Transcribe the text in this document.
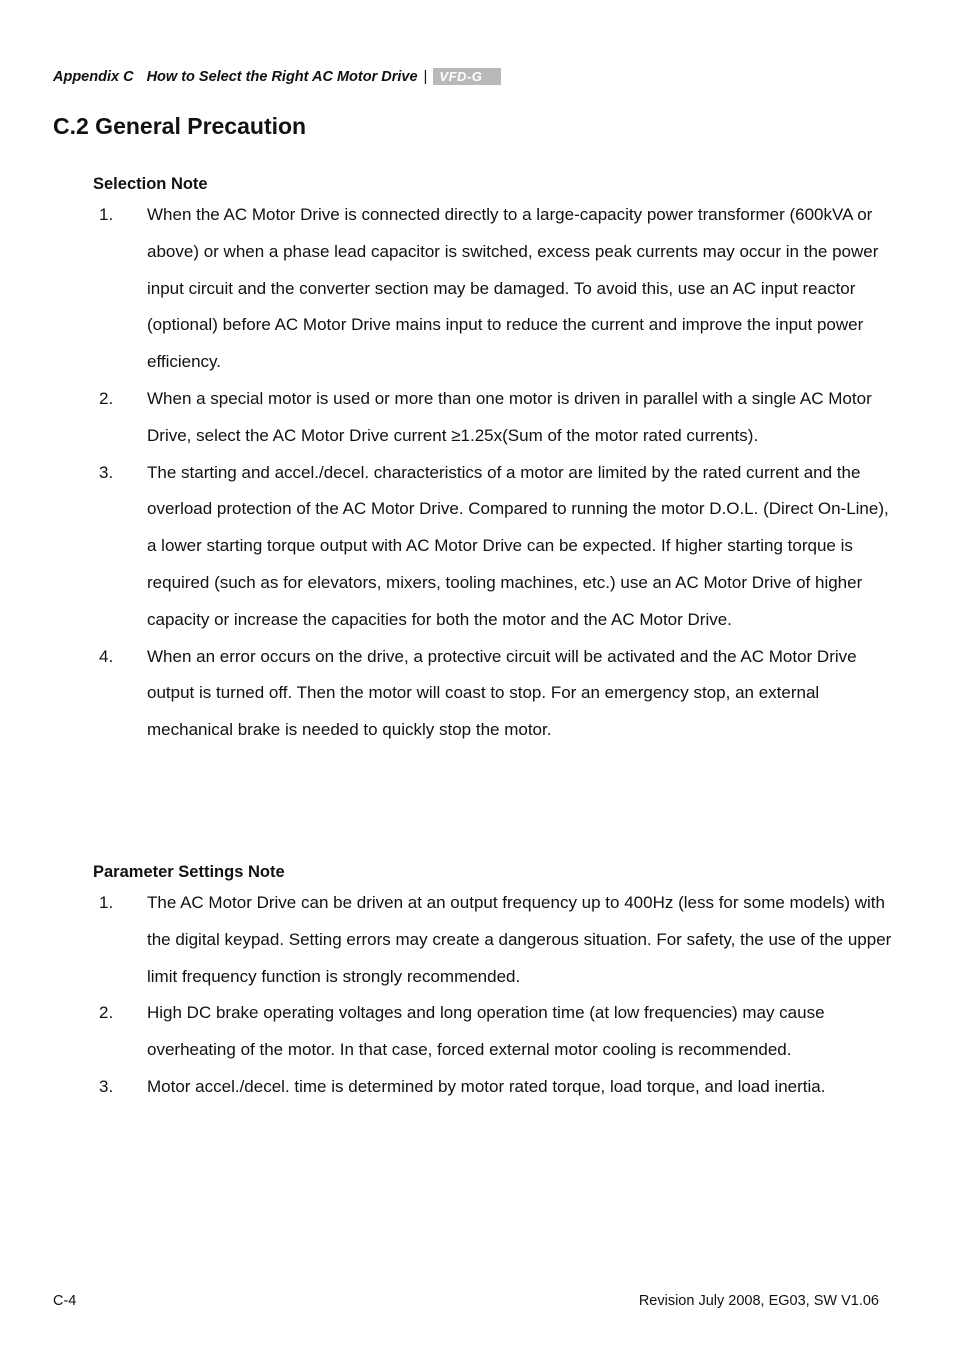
Appendix C How to Select the Right AC Motor Drive | VFD-G
C.2 General Precaution
Selection Note
1.	When the AC Motor Drive is connected directly to a large-capacity power transformer (600kVA or above) or when a phase lead capacitor is switched, excess peak currents may occur in the power input circuit and the converter section may be damaged. To avoid this, use an AC input reactor (optional) before AC Motor Drive mains input to reduce the current and improve the input power efficiency.
2.	When a special motor is used or more than one motor is driven in parallel with a single AC Motor Drive, select the AC Motor Drive current ≥1.25x(Sum of the motor rated currents).
3.	The starting and accel./decel. characteristics of a motor are limited by the rated current and the overload protection of the AC Motor Drive. Compared to running the motor D.O.L. (Direct On-Line), a lower starting torque output with AC Motor Drive can be expected. If higher starting torque is required (such as for elevators, mixers, tooling machines, etc.) use an AC Motor Drive of higher capacity or increase the capacities for both the motor and the AC Motor Drive.
4.	When an error occurs on the drive, a protective circuit will be activated and the AC Motor Drive output is turned off. Then the motor will coast to stop. For an emergency stop, an external mechanical brake is needed to quickly stop the motor.
Parameter Settings Note
1.	The AC Motor Drive can be driven at an output frequency up to 400Hz (less for some models) with the digital keypad. Setting errors may create a dangerous situation. For safety, the use of the upper limit frequency function is strongly recommended.
2.	High DC brake operating voltages and long operation time (at low frequencies) may cause overheating of the motor. In that case, forced external motor cooling is recommended.
3.	Motor accel./decel. time is determined by motor rated torque, load torque, and load inertia.
C-4	Revision July 2008, EG03, SW V1.06
